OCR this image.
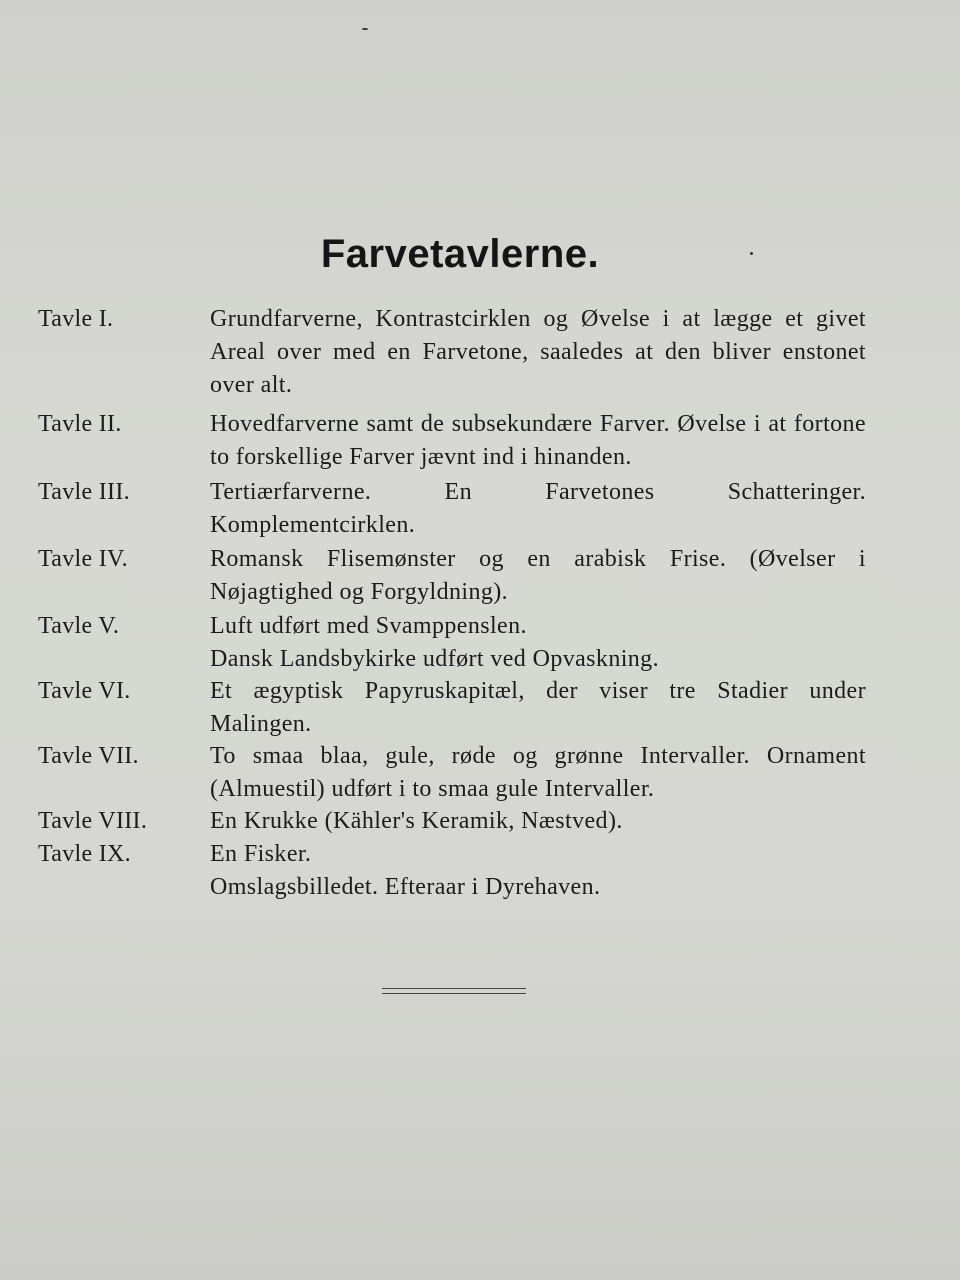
Farvetavlerne.
Tavle I.	Grundfarverne, Kontrastcirklen og Øvelse i at lægge et givet Areal over med en Farvetone, saaledes at den bliver enstonet over alt.
Tavle II.	Hovedfarverne samt de subsekundære Farver. Øvelse i at fortone to forskellige Farver jævnt ind i hinanden.
Tavle III.	Tertiærfarverne. En Farvetones Schatteringer. Komplementcirklen.
Tavle IV.	Romansk Flisemønster og en arabisk Frise. (Øvelser i Nøjagtighed og Forgyldning).
Tavle V.	Luft udført med Svamppenslen.
Dansk Landsbykirke udført ved Opvaskning.
Tavle VI.	Et ægyptisk Papyruskapitæl, der viser tre Stadier under Malingen.
Tavle VII.	To smaa blaa, gule, røde og grønne Intervaller. Ornament (Almuestil) udført i to smaa gule Intervaller.
Tavle VIII.	En Krukke (Kähler's Keramik, Næstved).
Tavle IX.	En Fisker.
Omslagsbilledet. Efteraar i Dyrehaven.
